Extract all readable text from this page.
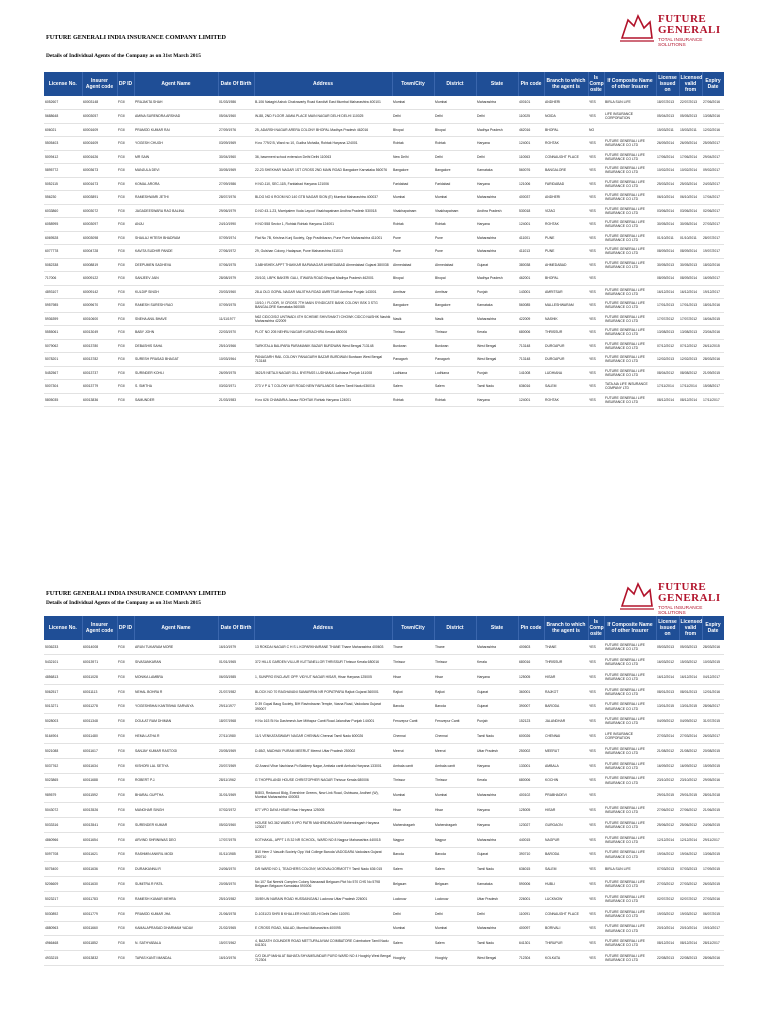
FUTURE GENERALI INDIA INSURANCE COMPANY LIMITED
Details of Individual Agents of the Company as on 31st March 2015
FUTURE
GENERALI
TOTAL INSURANCE SOLUTIONS
License No.	Insurer Agent code	DP ID	Agent Name	Date Of Birth	Address	Town/City	District	State	Pin code	Branch to which the agent is	Is Comp osite	If Composite Name of other Insurer	License issued on	Licensed valid from	Expiry Date
6052607	60003148	FGII	PRAJAKTA SHAH	01/03/1986	B-106 Natagiri Ashok Chakravarty Road Kandivli East Mumbai Maharashtra 400101	Mumbai	Mumbai	Maharashtra	400101	ANDHERI	YES	BIRLA SUN LIFE	18/07/2013	22/07/2013	27/06/2016
5688648	60003057	FGII	AMINA SURENDRA ARSHAD	05/04/1960	W-88, 2ND FLOOR JAMIA PLACE MAIN NAGAR DELHI DELHI 110025	Delhi	Delhi	Delhi	110025	NOIDA	YES	LIFE INSURANCE CORPORATION	05/04/2013	05/05/2013	13/08/2016
606021	60001609	FGII	PRAMOD KUMAR RAI	27/09/1976	25, ADARSH NAGAR ARERA COLONY BHOPAL Madhya Pradesh 462016	Bhopal	Bhopal	Madhya Pradesh	462016	BHOPAL	NO		15/03/2011	15/03/2011	12/02/2016
5505403	60001609	FGII	YOGESH CHUGH	03/09/1969	H.no 779/2 B, Ward no 10, Gudha Mohalla, Rohtak Haryana 124001	Rohtak	Rohtak	Haryana	124001	ROHTAK	YES	FUTURE GENERALI LIFE INSURANCE CO LTD	26/09/2014	26/09/2014	25/09/2017
5009412	60001626	FGII	MR SAIN	30/04/1960	36, basement school extension Delhi Delhi 110063	New Delhi	Delhi	Delhi	110063	CONNAUGHT PLACE	YES	FUTURE GENERALI LIFE INSURANCE CO LTD	17/06/2014	17/06/2014	29/04/2017
5895772	60003673	FGII	MANJULA DEVI	30/05/1969	22-23 SHEKHAR NAGAR 1ST CROSS 2ND MAIN ROAD Bangalore Karnataka 560076	Bangalore	Bangalore	Karnataka	560076	BANGALORE	YES	FUTURE GENERALI LIFE INSURANCE CO LTD	10/02/2014	10/02/2014	09/02/2017
5052115	60001673	FGII	KOMAL ARORA	27/09/1986	H NO-110, SEC-11B, Faridabad Haryana 121006	Faridabad	Faridabad	Haryana	121006	FARIDABAD	YES	FUTURE GENERALI LIFE INSURANCE CO LTD	25/03/2014	25/03/2014	24/03/2017
556230	60003891	FGII	RAMESHWARI JETHI	28/07/1976	BLDG NO 6 ROOM NO 140 GTB NAGAR SION (E) Mumbai Maharashtra 400037	Mumbai	Mumbai	Maharashtra	400037	ANDHERI	YES	FUTURE GENERALI LIFE INSURANCE CO LTD	06/10/2014	06/10/2014	17/04/2017
6033860	60003072	FGII	JAGADEESWARA RAO BALINA	29/06/1979	D.NO 43-1-23, Marripalem Vuda Layout Visakhapatnam Andhra Pradesh 530018	Visakhapatnam	Visakhapatnam	Andhra Pradesh	530018	VIZAG	YES	FUTURE GENERALI LIFE INSURANCE CO LTD	03/06/2014	03/06/2014	02/06/2017
6058995	60003097	FGII	ANJU	24/10/1990	H NO 558 Sector 1, Rohtak Rohtak Haryana 124001	Rohtak	Rohtak	Haryana	124001	ROHTAK	YES	FUTURE GENERALI LIFE INSURANCE CO LTD	30/05/2014	30/05/2014	27/03/2017
6069528	60003098	FGII	SHAILAJ HITESH BHADRAM	07/09/1974	Flat No 7B, Krishna Kunj Society, Opp Pradhikaran, Pune Pune Maharashtra 411001	Pune	Pune	Maharashtra	411001	PUNE	YES	FUTURE GENERALI LIFE INSURANCE CO LTD	01/10/2011	01/10/2011	28/07/2017
6077778	60004728	FGII	KAVITA SUDHIR PANDE	27/06/1972	29, Gulshan Colony, Hadapsar, Pune Maharashtra 411013	Pune	Pune	Maharashtra	411013	PUNE	YES	FUTURE GENERALI LIFE INSURANCE CO LTD	08/09/2014	08/09/2014	19/07/2017
5082338	60008819	FGII	DEEPUMEN SADHEVA	07/06/1975	3 ABHISHEK APPT THAKKAR BAPANAGAR AHMEDABAD Ahmedabad Gujarat 380038	Ahmedabad	Ahmedabad	Gujarat	380038	AHMEDABAD	YES	FUTURE GENERALI LIFE INSURANCE CO LTD	30/05/2013	30/05/2013	18/02/2016
717006	60009122	FGII	SANJEEV JAIN	28/08/1979	20/102, LBPK BAKERI GALI, ITWARA ROAD Bhopal Madhya Pradesh 462001	Bhopal	Bhopal	Madhya Pradesh	462001	BHOPAL	YES		08/09/2014	08/09/2014	16/09/2017
4893107	60009142	FGII	KULDIP SINGH	20/03/1960	28-A OLD GOPAL NAGAR MAJITHA ROAD AMRITSAR Amritsar Punjab 143001	Amritsar	Amritsar	Punjab	143001	AMRITSAR	YES	FUTURE GENERALI LIFE INSURANCE CO LTD	16/12/2014	16/12/2014	19/12/2017
5957985	60009670	FGII	RAMESH SURESH RAO	07/09/1975	10/10, I FLOOR, IV CROSS 7TH MAIN SYNDICATE BANK COLONY BSK 3 STG BANGALORE Karnataka 560085	Bangalore	Bangalore	Karnataka	560085	MALLESHWARAM	YES	FUTURE GENERALI LIFE INSURANCE CO LTD	17/01/2013	17/01/2013	18/01/2016
5936399	60010600	FGII	SNEHA ANIL BHAVE	11/11/1977	N62 CIDCO/S/2 UNTWADI 4TH SCHEME SHIVSHAKTI CHOWK CIDCO NASHIK Nashik Maharashtra 422009	Nasik	Nasik	Maharashtra	422009	NASHIK	YES	FUTURE GENERALI LIFE INSURANCE CO LTD	17/07/2012	17/07/2012	16/04/2015
5555061	60013049	FGII	BABY JOHN	22/03/1970	PLOT NO 205 NEHRU NAGAR KURIACHIRA Kerala 680006	Thrissur	Thrissur	Kerala	680006	THRISSUR	YES	FUTURE GENERALI LIFE INSURANCE CO LTD	13/08/2013	13/08/2013	23/04/2016
5079062	60013780	FGII	DEBASHIS SAHA	25/10/1966	TARKITALA BALIPARA PARAMANIK BAZAR BURDWAN West Bengal 713148	Burdwan	Burdwan	West Bengal	713148	DURGAPUR	YES	FUTURE GENERALI LIFE INSURANCE CO LTD	07/12/2012	07/12/2012	26/11/2015
5078201	60013782	FGII	SURESH PRASAD BHAGAT	10/03/1964	PANAGARH RAIL COLONY PANAGARH BAZAR BURDWAN Burdwan West Bengal 713148	Panagarh	Panagarh	West Bengal	713148	DURGAPUR	YES	FUTURE GENERALI LIFE INSURANCE CO LTD	12/02/2013	12/02/2013	28/03/2016
5452567	60013737	FGII	SURINDER KOHLI	26/09/1975	3621/5 NETAJI NAGAR GILL BYEPASS LUDHIANA Ludhiana Punjab 141008	Ludhiana	Ludhiana	Punjab	141008	LUDHIANA	YES	FUTURE GENERALI LIFE INSURANCE CO LTD	08/04/2012	08/08/2012	21/09/2015
5007304	60013779	FGII	S. SMITHA	03/02/1971	273 V P & T COLONY AIR ROAD NEW FAIRLANDS Salem Tamil Nadu 636016	Salem	Salem	Tamil Nadu	636016	SALEM	YES	TATA AIA LIFE INSURANCE COMPANY LTD	17/11/2014	17/11/2014	15/08/2017
5805035	60013836	FGII	SAMUNDER	21/03/1983	H.no 626 CHAMARIA Jasaur ROHTAK Rohtak Haryana 124001	Rohtak	Rohtak	Haryana	124001	ROHTAK	YES	FUTURE GENERALI LIFE INSURANCE CO LTD	08/12/2014	08/12/2014	17/11/2017
FUTURE GENERALI INDIA INSURANCE COMPANY LIMITED
Details of Individual Agents of the Company as on 31st March 2015
FUTURE
GENERALI
TOTAL INSURANCE SOLUTIONS
License No.	Insurer Agent code	DP ID	Agent Name	Date Of Birth	Address	Town/City	District	State	Pin code	Branch to which the agent is	Is Comp osite	If Composite Name of other Insurer	License issued on	Licensed valid from	Expiry Date
5036233	60014008	FGII	ARUN TUKARAM MORE	16/10/1979	13 ROKDAI NAGAR C H S L KOPARKHAIRANE THANE Thane Maharashtra 400603	Thane	Thane	Maharashtra	400603	THANE	YES	FUTURE GENERALI LIFE INSURANCE CO LTD	05/03/2013	05/03/2013	28/03/2016
5432101	60013971	FGII	SIVASANKARAN	01/01/1965	372 HILLS GARDEN VILLUR KUTTANELLOR THRISSUR Thrissur Kerala 680016	Thrissur	Thrissur	Kerala	680016	THRISSUR	YES	FUTURE GENERALI LIFE INSURANCE CO LTD	16/03/2012	15/03/2012	10/03/2015
4856813	60011028	FGII	MONIKA LAMBRA	06/03/1985	1, SUNPRO ENCLAVE OPP. VIDYUT NAGAR HISAR, Hisar Haryana 125005	Hisar	Hisar	Haryana	125005	HISAR	YES	FUTURE GENERALI LIFE INSURANCE CO LTD	16/12/2014	16/12/2014	04/12/2017
5062517	60011113	FGII	NEHAL BOHRA R	21/07/1982	BLOCK NO 70 RAGHAVANI SAMARPAN NR POPATPARA Rajkot Gujarat 360001	Rajkot	Rajkot	Gujarat	360001	RAJKOT	YES	FUTURE GENERALI LIFE INSURANCE CO LTD	08/01/2013	08/01/2013	12/01/2016
5013271	60011278	FGII	YOGESHBHAI KANTIBHAI SARVAIYA	29/11/1977	D 39 Gopal Baug Society, B/H Ravindravan Temple, Vasna Road, Vadodara Gujarat 390007	Baroda	Baroda	Gujarat	390007	BARODA	YES	FUTURE GENERALI LIFE INSURANCE CO LTD	13/01/2015	13/01/2015	28/06/2017
5028003	60011348	FGII	DOULAT RAM DHIMAN	18/07/1968	H No 163 St No Dashmesh Ave Mithapur Cantt Road Jalandhar Punjab 144001	Ferozepur Cantt	Ferozepur Cantt	Punjab	152123	JALANDHAR	YES	FUTURE GENERALI LIFE INSURANCE CO LTD	04/09/2012	04/09/2012	31/07/2015
5164904	60011480	FGII	HEMA LATHA R	27/11/1980	11/1 VENKATASWAMY NAGAR CHENNAI Chennai Tamil Nadu 600026	Chennai	Chennai	Tamil Nadu	600026	CHENNAI	YES	LIFE INSURANCE CORPORATION	27/03/2014	27/03/2014	26/03/2017
5021088	60011617	FGII	SANJAY KUMAR RASTOGI	20/05/1969	D-65/2, MADHAV PURAM MEERUT Meerut Uttar Pradesh 250002	Meerut	Meerut	Uttar Pradesh	250002	MEERUT	YES	FUTURE GENERALI LIFE INSURANCE CO LTD	21/08/2012	21/08/2012	20/08/2015
5037762	60011634	FGII	KISHORI LAL SETIYA	20/07/1969	42 Anand Vihar Nachiana Po Baldeep Nagar, Ambala cantt Ambala Haryana 133001	Ambala cantt	Ambala cantt	Haryana	133001	AMBALA	YES	FUTURE GENERALI LIFE INSURANCE CO LTD	16/09/2012	16/09/2012	15/09/2015
5023865	60011688	FGII	ROBERT P.J.	28/11/1962	G THOPPILANDI HOUSE CHRISTOPHER NAGAR Thrissur Kerala 680006	Thrissur	Thrissur	Kerala	680006	KOCHIN	YES	FUTURE GENERALI LIFE INSURANCE CO LTD	23/10/2012	23/10/2012	29/05/2016
989579	60011592	FGII	BHARAL GUPTHA	31/01/1969	B/803, Redwood Bldg, Evershine Greens, New Link Road, Oshiwara, Andheri (W), Mumbai Maharashtra 400053	Mumbai	Mumbai	Maharashtra	400102	PRABHADEVI	YES		29/01/2015	29/01/2015	28/01/2018
5043072	60013526	FGII	MANOHAR SINGH	07/02/1972	677 VPO DAYA HISAR Hisar Haryana 125005	Hisar	Hisar	Haryana	125005	HISAR	YES	FUTURE GENERALI LIFE INSURANCE CO LTD	27/06/2012	27/06/2012	21/06/2015
5033316	60013541	FGII	SURENDER KUMAR	05/02/1960	HOUSE NO.362 WARD 5 VPO PATRI MAHENDRAGARH Mahendragarh Haryana 123027	Mahendragarh	Mahendragarh	Haryana	123027	GURGAON	YES	FUTURE GENERALI LIFE INSURANCE CO LTD	25/06/2012	25/06/2012	24/06/2015
4860966	60011654	FGII	ARVIND SHRINIWAS DEO	17/07/1975	KOTHAKAL, APPT 1 B 32 NR SCHOOL, WARD NO 8 Nagpur Maharashtra 440015	Nagpur	Nagpur	Maharashtra	440015	NAGPUR	YES	FUTURE GENERALI LIFE INSURANCE CO LTD	12/12/2014	12/12/2014	29/11/2017
5097708	60011621	FGII	RASHMIN ANKRIL MODI	01/11/1985	B10 Heer 2 Vasudh Society Opp Vidi College Baroda VADODARA Vadodara Gujarat 390710	Baroda	Baroda	Gujarat	390710	BARODA	YES	FUTURE GENERALI LIFE INSURANCE CO LTD	19/04/2012	19/04/2012	13/06/2015
5075400	60011636	FGII	DURAIKANNU.R	24/06/1970	D/5 WARD NO 1, TEACHERS COLONY, MOOVALOORMOTTY Tamil Nadu 636 015	Salem	Salem	Tamil Nadu	636015	SALEM	YES	BIRLA SUN LIFE	07/03/2013	07/03/2013	17/09/2015
5206609	60011630	FGII	SUMITRA R PATIL	20/05/1970	No 107 Sai Neeshi Complex Colony Nanawadi Belgaum Plot No 570 CHS No 5798 Belgaum Belgaum Karnataka 590006	Belgaum	Belgaum	Karnataka	590006	HUBLI	YES	FUTURE GENERALI LIFE INSURANCE CO LTD	27/03/2012	27/03/2012	26/03/2015
5023217	60011783	FGII	RAMESH KUMAR MEHRA	25/10/1982	30/89 UN NARAIN ROAD HUSSAINGANJ Lucknow Uttar Pradesh 226001	Lucknow	Lucknow	Uttar Pradesh	226001	LUCKNOW	YES	FUTURE GENERALI LIFE INSURANCE CO LTD	02/07/2012	02/07/2012	27/03/2016
5030892	60011779	FGII	PRAMOD KUMAR JHA	21/06/1978	D-1031/23 SHRI B KHALLER KHAS DELHI Delhi Delhi 110091	Delhi	Delhi	Delhi	110091	CONNAUGHT PLACE	YES	FUTURE GENERALI LIFE INSURANCE CO LTD	19/03/2012	19/03/2012	06/07/2015
4880963	60011660	FGII	KAMALAPRASAD DHARMAM YADAV	21/02/1965	E CROSS ROAD, MALAD, Mumbai Maharashtra 400095	Mumbai	Mumbai	Maharashtra	400097	BORIVALI	YES	FUTURE GENERALI LIFE INSURANCE CO LTD	20/10/2014	20/10/2014	19/10/2017
4966468	60011852	FGII	N. SATHYABALA	15/07/1962	4, BAZATH GOUNDER ROAD METTUPALAYAM COIMBATORE Coimbatore Tamil Nadu 641301	Salem	Salem	Tamil Nadu	641301	THIRUPUR	YES	FUTURE GENERALI LIFE INSURANCE CO LTD	08/12/2014	08/12/2014	28/11/2017
4933215	60013832	FGII	TAPAS KANTI MANDAL	16/10/1976	C/O DILIP MAHA AT BAHATA SHYAMSUNDAR PURO WARD NO 4 Hooghly West Bengal 712304	Hooghly	Hooghly	West Bengal	712304	KOLKATA	YES	FUTURE GENERALI LIFE INSURANCE CO LTD	22/08/2013	22/08/2013	28/06/2016
